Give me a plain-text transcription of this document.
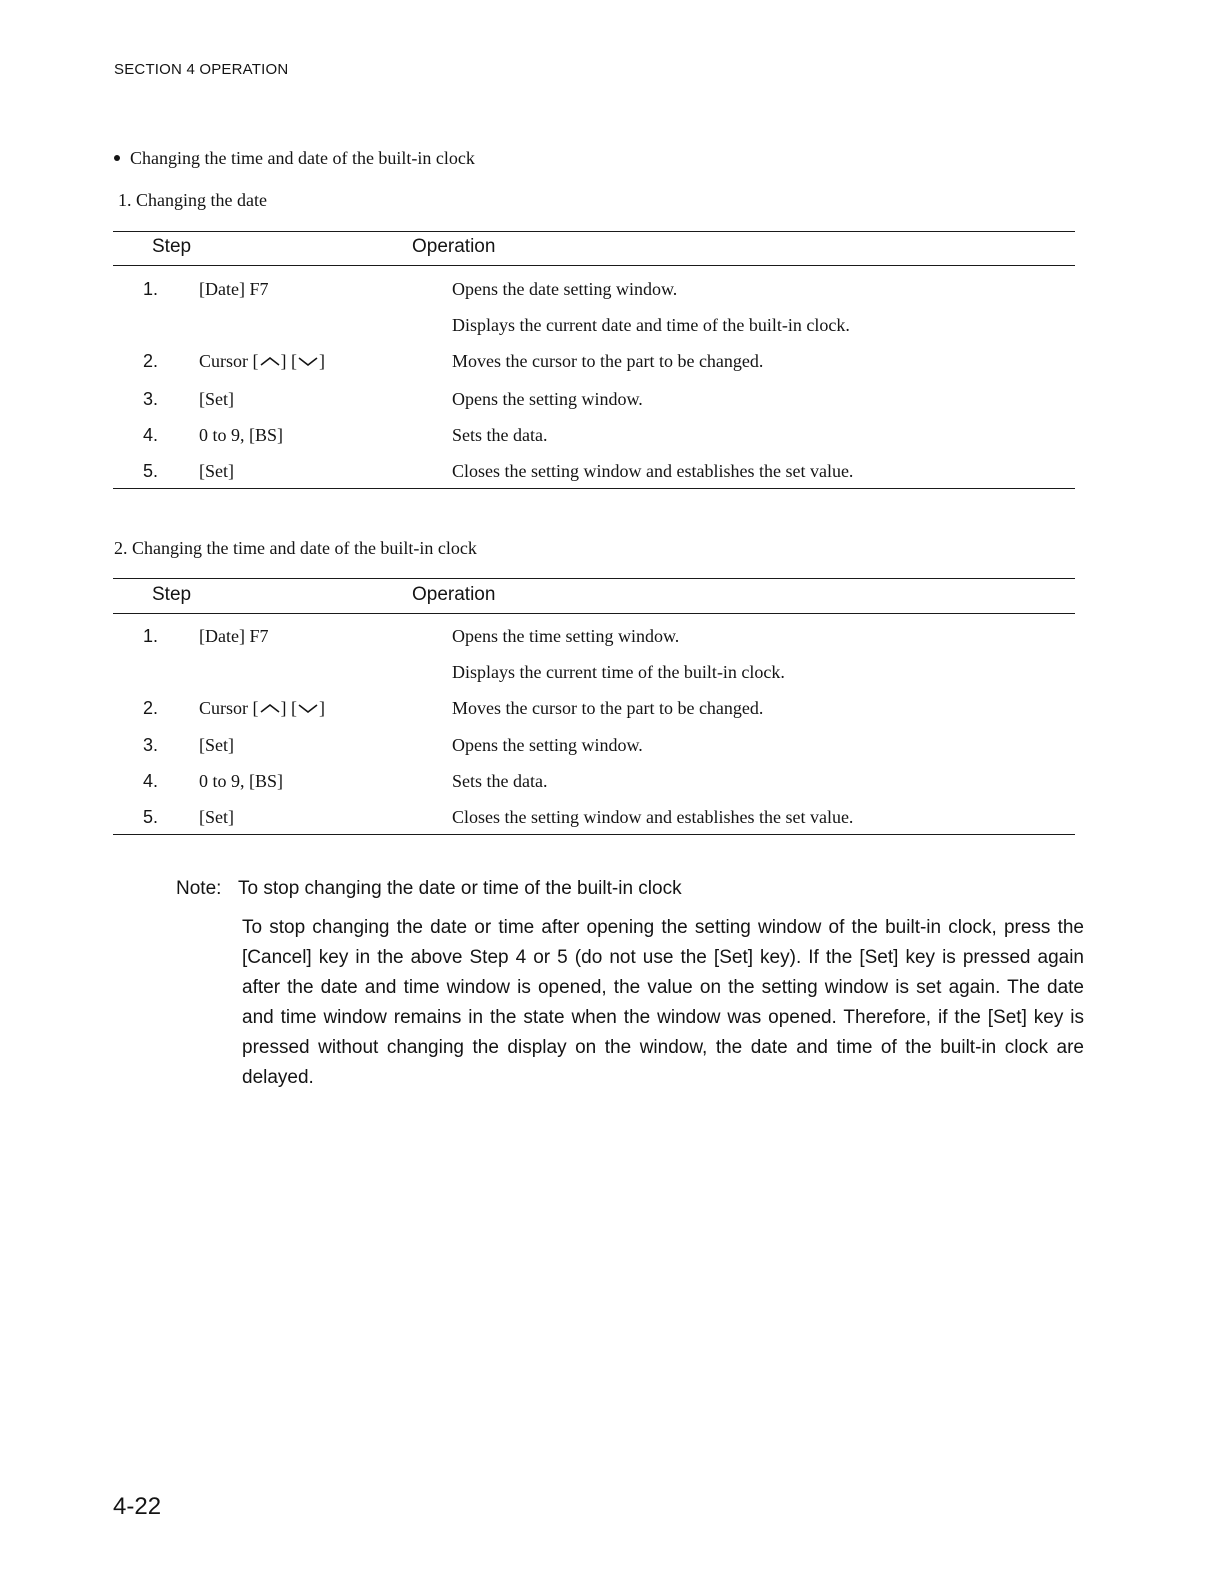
SECTION 4 OPERATION
Changing the time and date of the built-in clock
1. Changing the date
Step	Operation
1. [Date] F7	Opens the date setting window.
Displays the current date and time of the built-in clock.
2. Cursor [ ] [ ]	Moves the cursor to the part to be changed.
3. [Set]	Opens the setting window.
4. 0 to 9, [BS]	Sets the data.
5. [Set]	Closes the setting window and establishes the set value.
2. Changing the time and date of the built-in clock
Step	Operation
1. [Date] F7	Opens the time setting window.
Displays the current time of the built-in clock.
2. Cursor [ ] [ ]	Moves the cursor to the part to be changed.
3. [Set]	Opens the setting window.
4. 0 to 9, [BS]	Sets the data.
5. [Set]	Closes the setting window and establishes the set value.
Note: To stop changing the date or time of the built-in clock
To stop changing the date or time after opening the setting window of the built-in clock, press the [Cancel] key in the above Step 4 or 5 (do not use the [Set] key). If the [Set] key is pressed again after the date and time window is opened, the value on the setting window is set again. The date and time window remains in the state when the window was opened. Therefore, if the [Set] key is pressed without changing the display on the window, the date and time of the built-in clock are delayed.
4-22
